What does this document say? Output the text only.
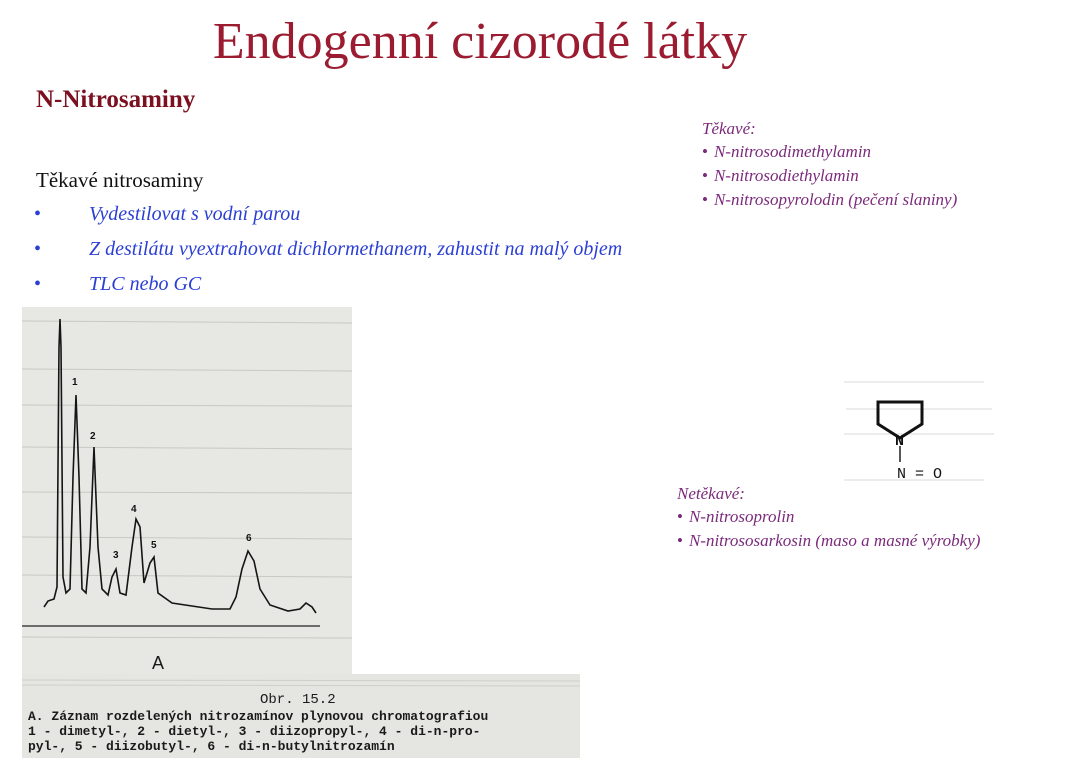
Endogenní cizorodé látky
N-Nitrosaminy
Těkavé nitrosaminy
• Vydestilovat s vodní parou
• Z destilátu vyextrahovat dichlormethanem, zahustit na malý objem
• TLC nebo GC
Těkavé:
• N-nitrosodimethylamin
• N-nitrosodiethylamin
• N-nitrosopyrolodin (pečení slaniny)
Netěkavé:
• N-nitrosoprolin
• N-nitrososarkosin (maso a masné výrobky)
1
2
3
4
5
6
A
Obr. 15.2
A. Záznam rozdelených nitrozamínov plynovou chromatografiou
1 - dimetyl-, 2 - dietyl-, 3 - diizopropyl-, 4 - di-n-pro-
pyl-, 5 - diizobutyl-, 6 - di-n-butylnitrozamín
N
N = O
